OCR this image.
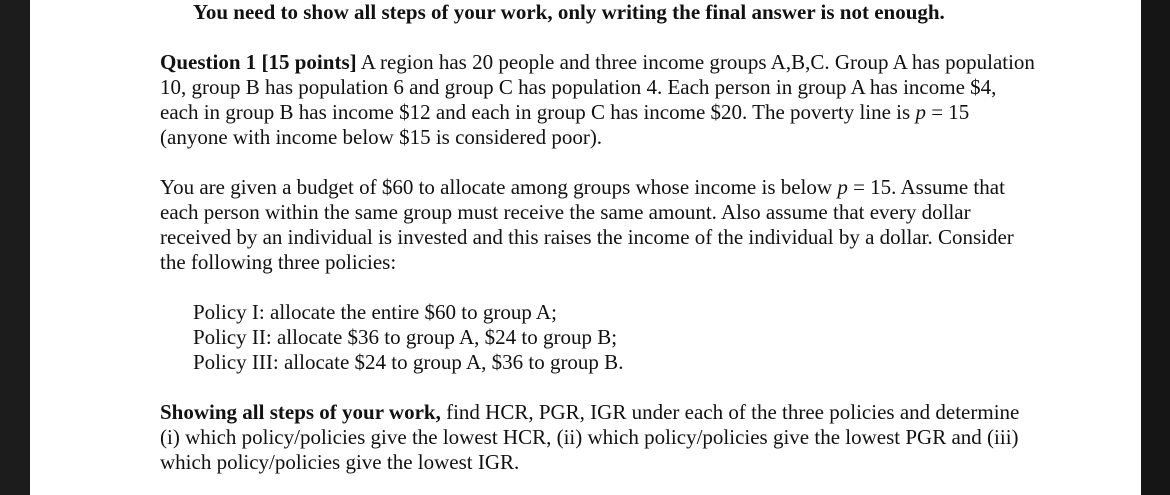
You need to show all steps of your work, only writing the final answer is not enough.

Question 1 [15 points] A region has 20 people and three income groups A,B,C. Group A has population 10, group B has population 6 and group C has population 4. Each person in group A has income $4, each in group B has income $12 and each in group C has income $20. The poverty line is p = 15 (anyone with income below $15 is considered poor).

You are given a budget of $60 to allocate among groups whose income is below p = 15. Assume that each person within the same group must receive the same amount. Also assume that every dollar received by an individual is invested and this raises the income of the individual by a dollar. Consider the following three policies:

Policy I: allocate the entire $60 to group A;
Policy II: allocate $36 to group A, $24 to group B;
Policy III: allocate $24 to group A, $36 to group B.

Showing all steps of your work, find HCR, PGR, IGR under each of the three policies and determine (i) which policy/policies give the lowest HCR, (ii) which policy/policies give the lowest PGR and (iii) which policy/policies give the lowest IGR.
